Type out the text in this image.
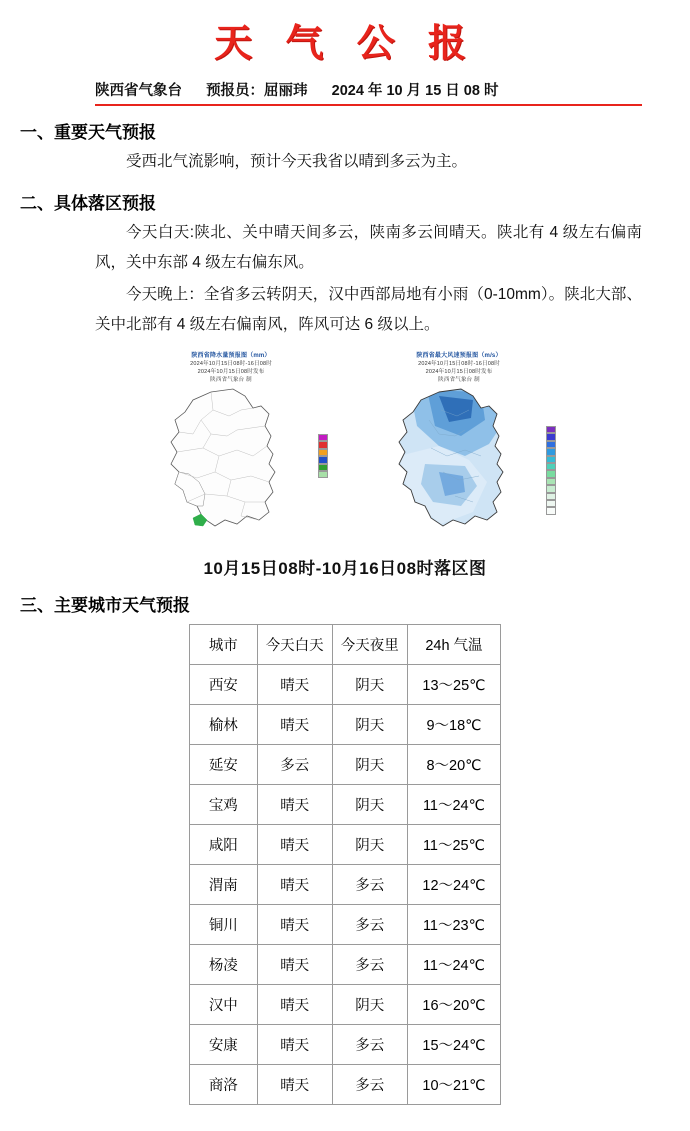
天 气 公 报
陕西省气象台 预报员：屈丽玮 2024 年 10 月 15 日 08 时
一、重要天气预报
受西北气流影响，预计今天我省以晴到多云为主。
二、具体落区预报
今天白天:陕北、关中晴天间多云，陕南多云间晴天。陕北有 4 级左右偏南风，关中东部 4 级左右偏东风。
今天晚上：全省多云转阴天，汉中西部局地有小雨（0-10mm）。陕北大部、关中北部有 4 级左右偏南风，阵风可达 6 级以上。
陕西省降水量预报图（mm）
2024年10月15日08时-16日08时
2024年10月15日08时发布
陕西省气象台 制
陕西省最大风速预报图（m/s）
2024年10月15日08时-16日08时
2024年10月15日08时发布
陕西省气象台 制
10月15日08时-10月16日08时落区图
三、主要城市天气预报
城市	今天白天	今天夜里	24h 气温
西安	晴天	阴天	13～25℃
榆林	晴天	阴天	9～18℃
延安	多云	阴天	8～20℃
宝鸡	晴天	阴天	11～24℃
咸阳	晴天	阴天	11～25℃
渭南	晴天	多云	12～24℃
铜川	晴天	多云	11～23℃
杨凌	晴天	多云	11～24℃
汉中	晴天	阴天	16～20℃
安康	晴天	多云	15～24℃
商洛	晴天	多云	10～21℃
